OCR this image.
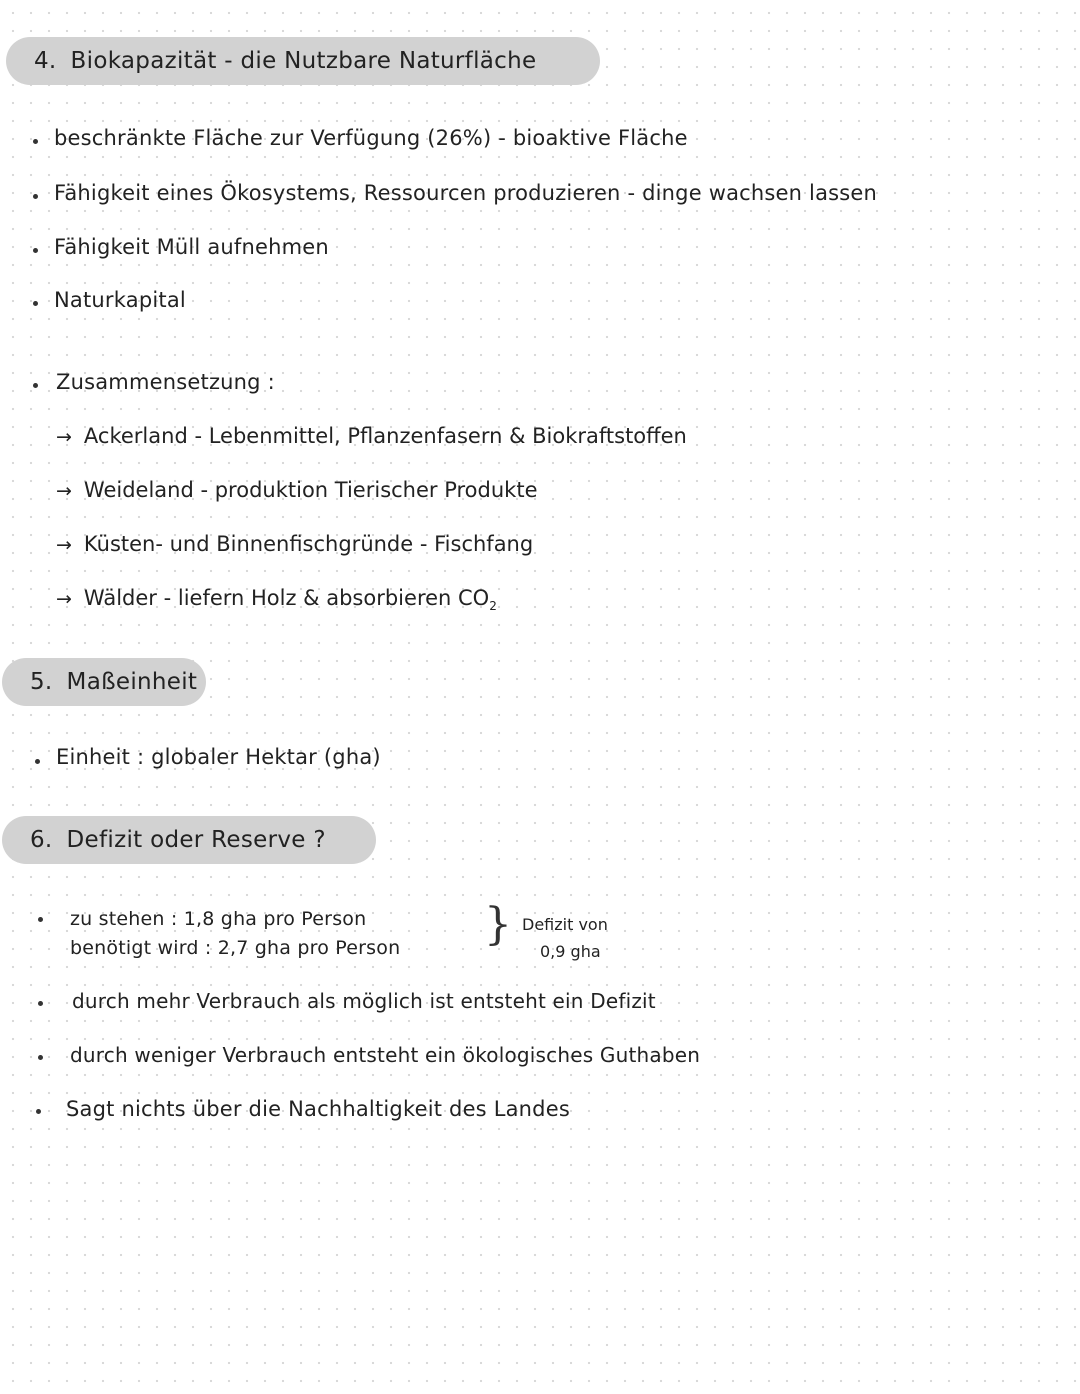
4. Biokapazität - die Nutzbare Naturfläche
beschränkte Fläche zur Verfügung (26%) - bioaktive Fläche
Fähigkeit eines Ökosystems, Ressourcen produzieren - dinge wachsen lassen
Fähigkeit Müll aufnehmen
Naturkapital
Zusammensetzung :
→ Ackerland - Lebenmittel, Pflanzenfasern & Biokraftstoffen
→ Weideland - produktion Tierischer Produkte
→ Küsten- und Binnenfischgründe - Fischfang
→ Wälder - liefern Holz & absorbieren $CO_2$
5. Maßeinheit
Einheit : globaler Hektar (gha)
6. Defizit oder Reserve ?
zu stehen : 1,8 gha pro Person
benötigt wird : 2,7 gha pro Person } Defizit von
0,9 gha
durch mehr Verbrauch als möglich ist entsteht ein Defizit
durch weniger Verbrauch entsteht ein ökologisches Guthaben
Sagt nichts über die Nachhaltigkeit des Landes
